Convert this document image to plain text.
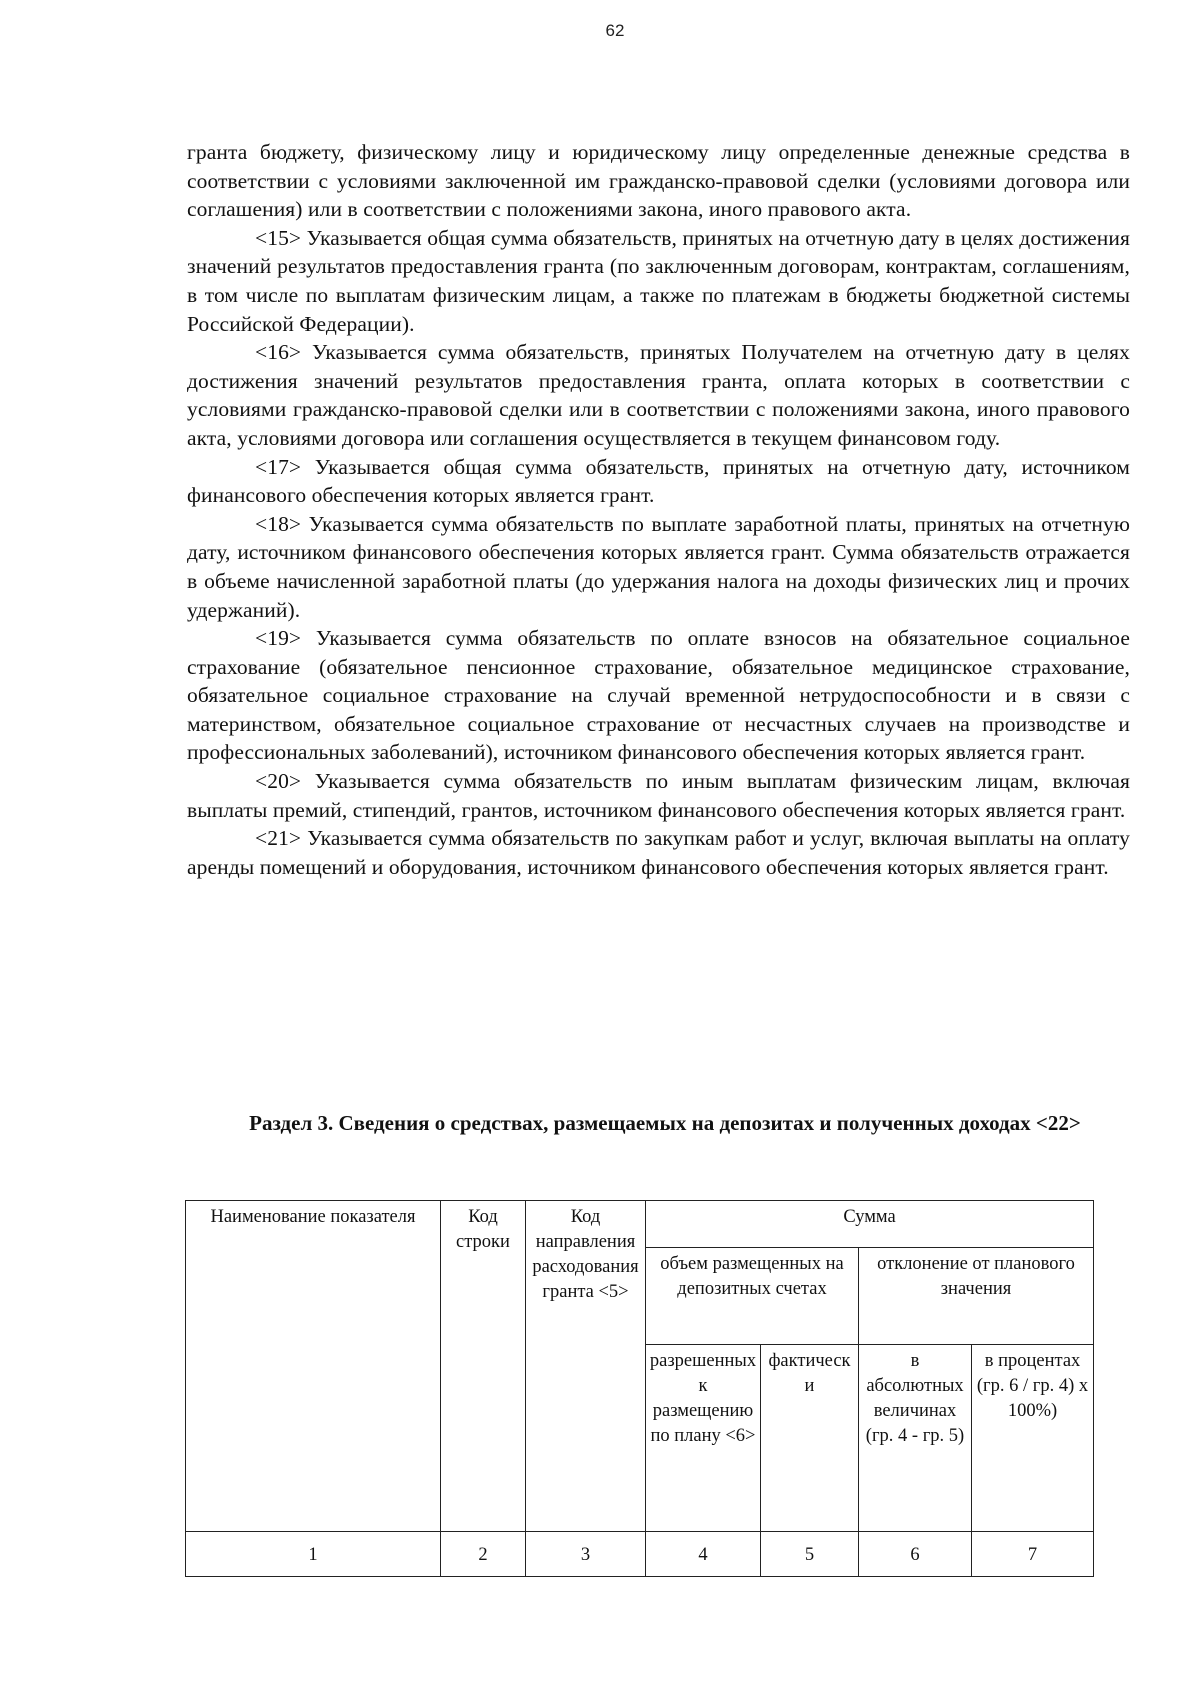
62

гранта бюджету, физическому лицу и юридическому лицу определенные денежные средства в соответствии с условиями заключенной им гражданско-правовой сделки (условиями договора или соглашения) или в соответствии с положениями закона, иного правового акта.

<15> Указывается общая сумма обязательств, принятых на отчетную дату в целях достижения значений результатов предоставления гранта (по заключенным договорам, контрактам, соглашениям, в том числе по выплатам физическим лицам, а также по платежам в бюджеты бюджетной системы Российской Федерации).

<16> Указывается сумма обязательств, принятых Получателем на отчетную дату в целях достижения значений результатов предоставления гранта, оплата которых в соответствии с условиями гражданско-правовой сделки или в соответствии с положениями закона, иного правового акта, условиями договора или соглашения осуществляется в текущем финансовом году.

<17> Указывается общая сумма обязательств, принятых на отчетную дату, источником финансового обеспечения которых является грант.

<18> Указывается сумма обязательств по выплате заработной платы, принятых на отчетную дату, источником финансового обеспечения которых является грант. Сумма обязательств отражается в объеме начисленной заработной платы (до удержания налога на доходы физических лиц и прочих удержаний).

<19> Указывается сумма обязательств по оплате взносов на обязательное социальное страхование (обязательное пенсионное страхование, обязательное медицинское страхование, обязательное социальное страхование на случай временной нетрудоспособности и в связи с материнством, обязательное социальное страхование от несчастных случаев на производстве и профессиональных заболеваний), источником финансового обеспечения которых является грант.

<20> Указывается сумма обязательств по иным выплатам физическим лицам, включая выплаты премий, стипендий, грантов, источником финансового обеспечения которых является грант.

<21> Указывается сумма обязательств по закупкам работ и услуг, включая выплаты на оплату аренды помещений и оборудования, источником финансового обеспечения которых является грант.

Раздел 3. Сведения о средствах, размещаемых на депозитах и полученных доходах <22>
Наименование показателя	Код строки	Код направления расходования гранта <5>	Сумма			
			объем размещенных на депозитных счетах		отклонение от планового значения	
			разрешенных к размещению по плану <6>	фактически	в абсолютных величинах (гр. 4 - гр. 5)	в процентах (гр. 6 / гр. 4) x 100%)
1	2	3	4	5	6	7
